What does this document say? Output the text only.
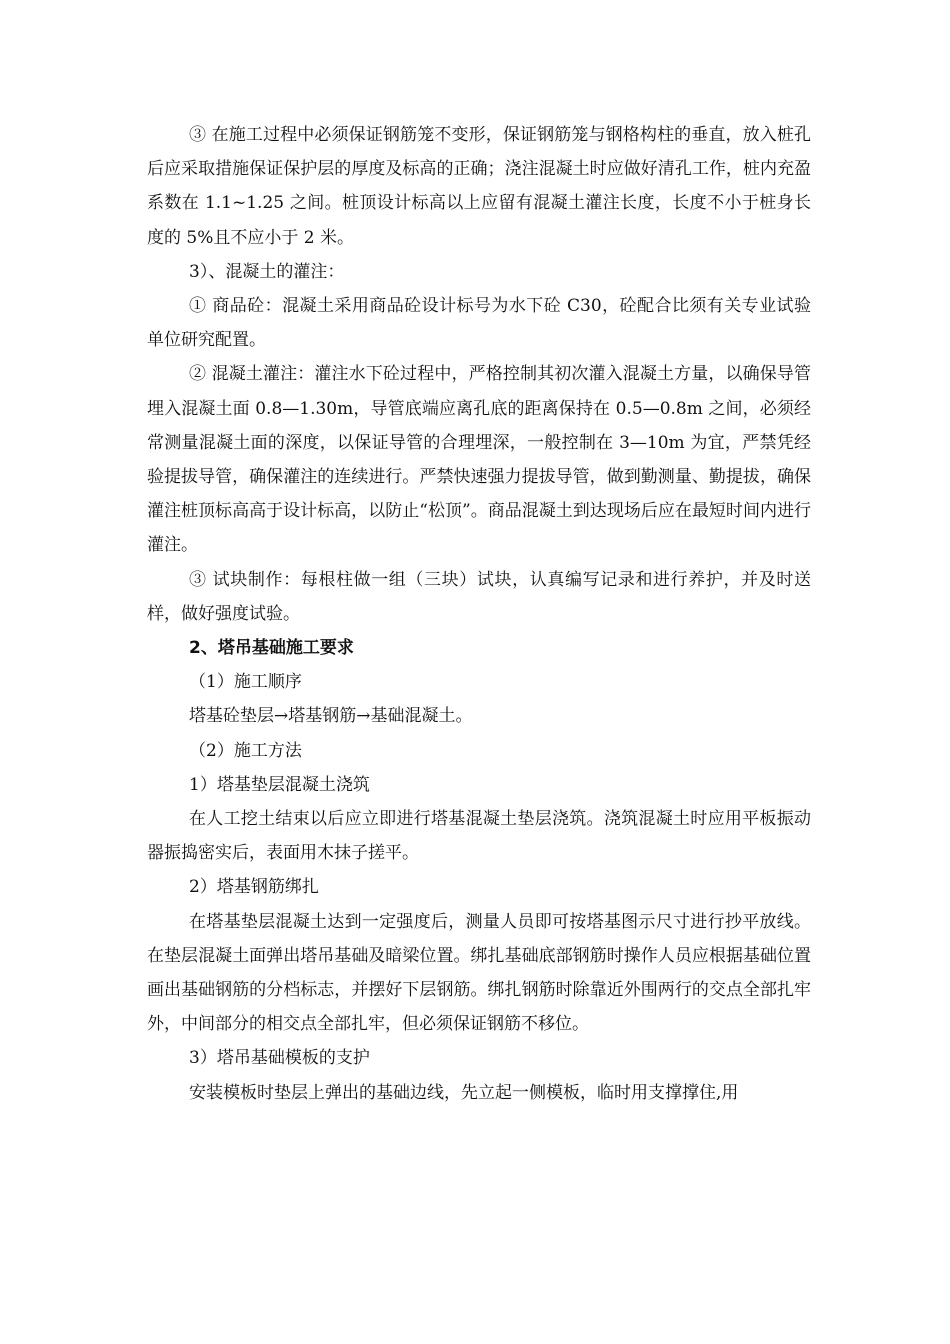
③ 在施工过程中必须保证钢筋笼不变形，保证钢筋笼与钢格构柱的垂直，放入桩孔后应采取措施保证保护层的厚度及标高的正确；浇注混凝土时应做好清孔工作，桩内充盈系数在 1.1~1.25 之间。桩顶设计标高以上应留有混凝土灌注长度，长度不小于桩身长度的 5%且不应小于 2 米。

3）、混凝土的灌注：

① 商品砼：混凝土采用商品砼设计标号为水下砼 C30，砼配合比须有关专业试验单位研究配置。

② 混凝土灌注：灌注水下砼过程中，严格控制其初次灌入混凝土方量，以确保导管埋入混凝土面 0.8—1.30m，导管底端应离孔底的距离保持在 0.5—0.8m 之间，必须经常测量混凝土面的深度，以保证导管的合理埋深，一般控制在 3—10m 为宜，严禁凭经验提拔导管，确保灌注的连续进行。严禁快速强力提拔导管，做到勤测量、勤提拔，确保灌注桩顶标高高于设计标高，以防止“松顶”。商品混凝土到达现场后应在最短时间内进行灌注。

③ 试块制作：每根柱做一组（三块）试块，认真编写记录和进行养护，并及时送样，做好强度试验。

2、塔吊基础施工要求

（1）施工顺序

塔基砼垫层→塔基钢筋→基础混凝土。

（2）施工方法

1）塔基垫层混凝土浇筑

在人工挖土结束以后应立即进行塔基混凝土垫层浇筑。浇筑混凝土时应用平板振动器振捣密实后，表面用木抹子搓平。

2）塔基钢筋绑扎

在塔基垫层混凝土达到一定强度后，测量人员即可按塔基图示尺寸进行抄平放线。在垫层混凝土面弹出塔吊基础及暗梁位置。绑扎基础底部钢筋时操作人员应根据基础位置画出基础钢筋的分档标志，并摆好下层钢筋。绑扎钢筋时除靠近外围两行的交点全部扎牢外，中间部分的相交点全部扎牢，但必须保证钢筋不移位。

3）塔吊基础模板的支护

安装模板时垫层上弹出的基础边线，先立起一侧模板，临时用支撑撑住,用
